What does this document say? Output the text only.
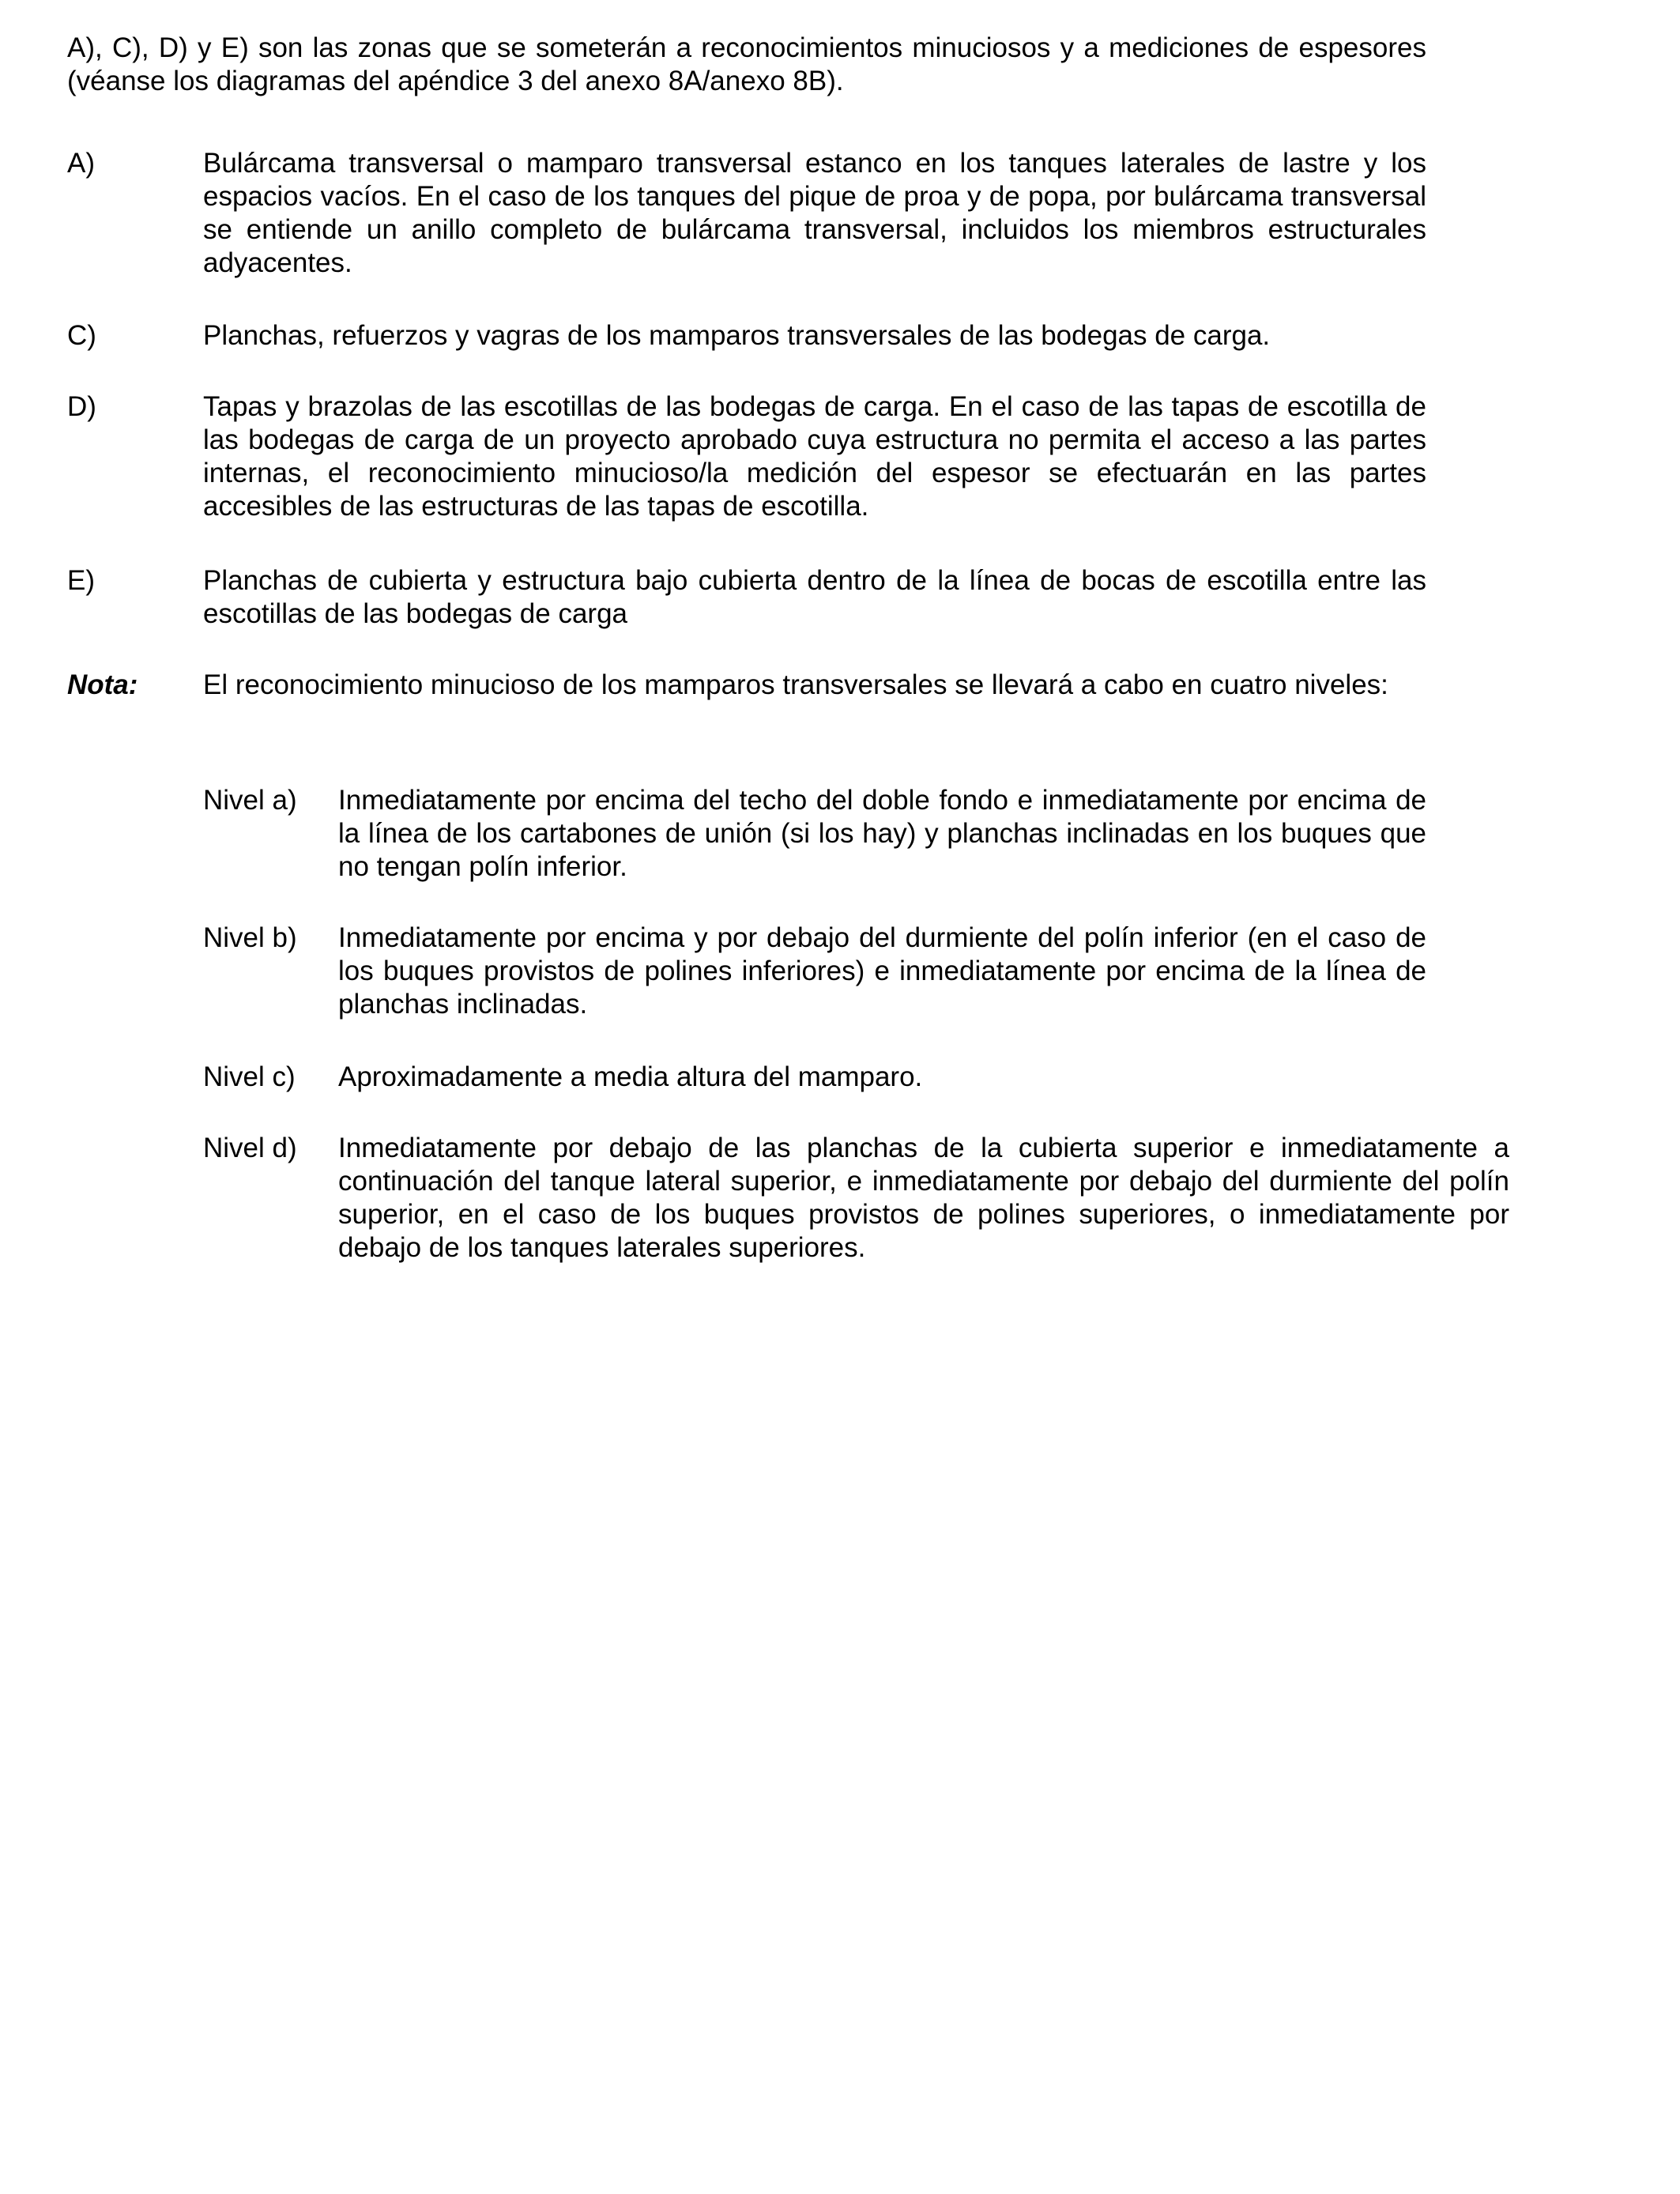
A), C), D) y E) son las zonas que se someterán a reconocimientos minuciosos y a mediciones de espesores (véanse los diagramas del apéndice 3 del anexo 8A/anexo 8B).

A)	Bulárcama transversal o mamparo transversal estanco en los tanques laterales de lastre y los espacios vacíos. En el caso de los tanques del pique de proa y de popa, por bulárcama transversal se entiende un anillo completo de bulárcama transversal, incluidos los miembros estructurales adyacentes.

C)	Planchas, refuerzos y vagras de los mamparos transversales de las bodegas de carga.

D)	Tapas y brazolas de las escotillas de las bodegas de carga. En el caso de las tapas de escotilla de las bodegas de carga de un proyecto aprobado cuya estructura no permita el acceso a las partes internas, el reconocimiento minucioso/la medición del espesor se efectuarán en las partes accesibles de las estructuras de las tapas de escotilla.

E)	Planchas de cubierta y estructura bajo cubierta dentro de la línea de bocas de escotilla entre las escotillas de las bodegas de carga

Nota: El reconocimiento minucioso de los mamparos transversales se llevará a cabo en cuatro niveles:

Nivel a) Inmediatamente por encima del techo del doble fondo e inmediatamente por encima de la línea de los cartabones de unión (si los hay) y planchas inclinadas en los buques que no tengan polín inferior.

Nivel b) Inmediatamente por encima y por debajo del durmiente del polín inferior (en el caso de los buques provistos de polines inferiores) e inmediatamente por encima de la línea de planchas inclinadas.

Nivel c) Aproximadamente a media altura del mamparo.

Nivel d) Inmediatamente por debajo de las planchas de la cubierta superior e inmediatamente a continuación del tanque lateral superior, e inmediatamente por debajo del durmiente del polín superior, en el caso de los buques provistos de polines superiores, o inmediatamente por debajo de los tanques laterales superiores.
